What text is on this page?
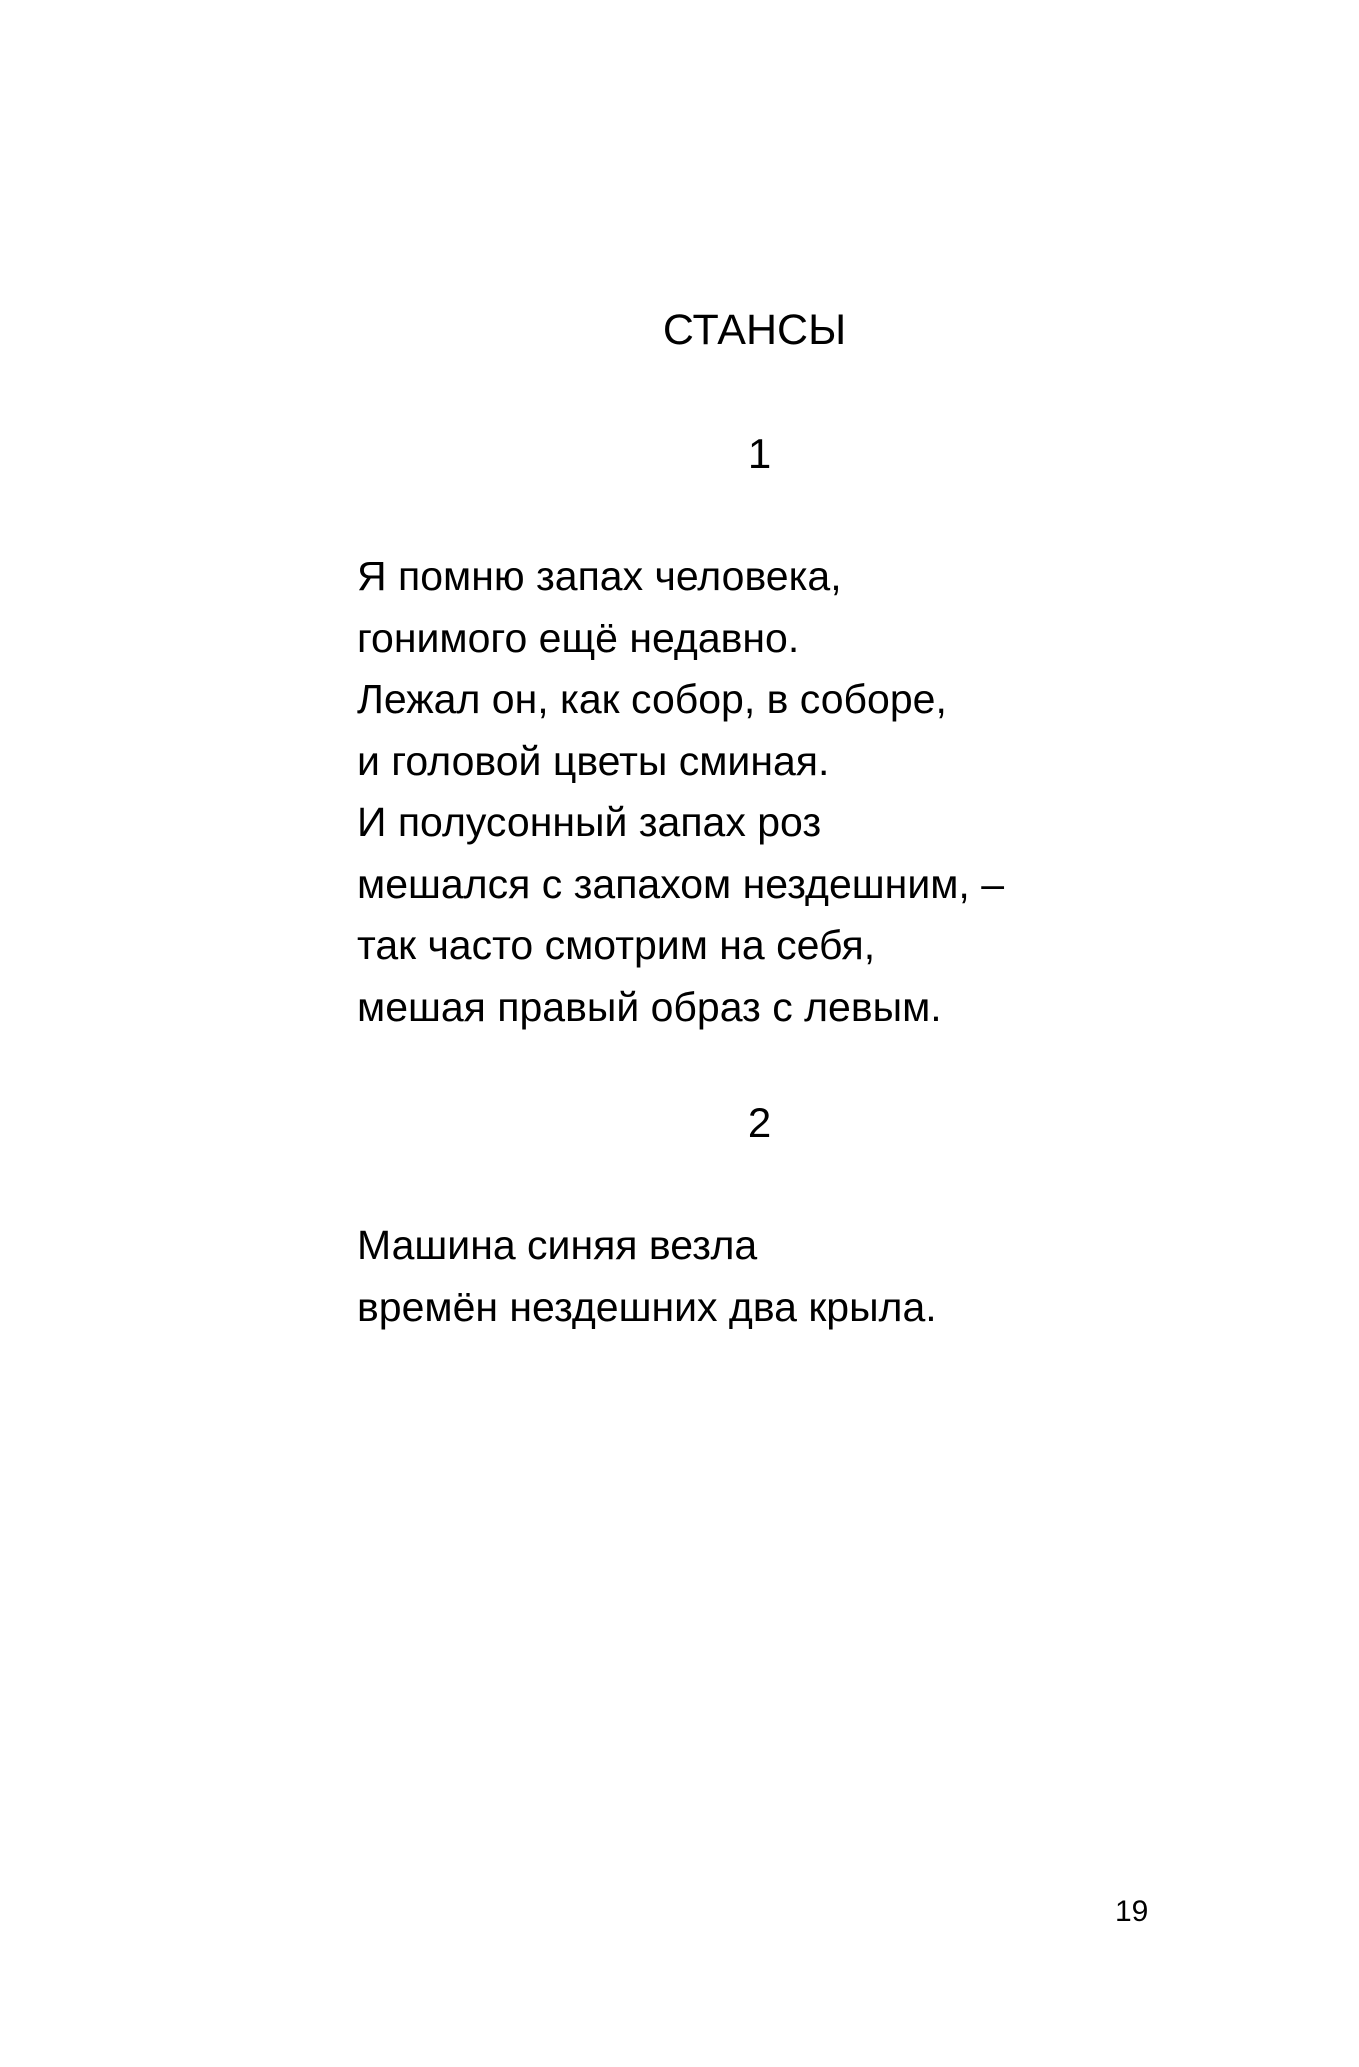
СТАНСЫ
1
Я помню запах человека,
гонимого ещё недавно.
Лежал он, как собор, в соборе,
и головой цветы сминая.
И полусонный запах роз
мешался с запахом нездешним, –
так часто смотрим на себя,
мешая правый образ с левым.
2
Машина синяя везла
времён нездешних два крыла.
19
